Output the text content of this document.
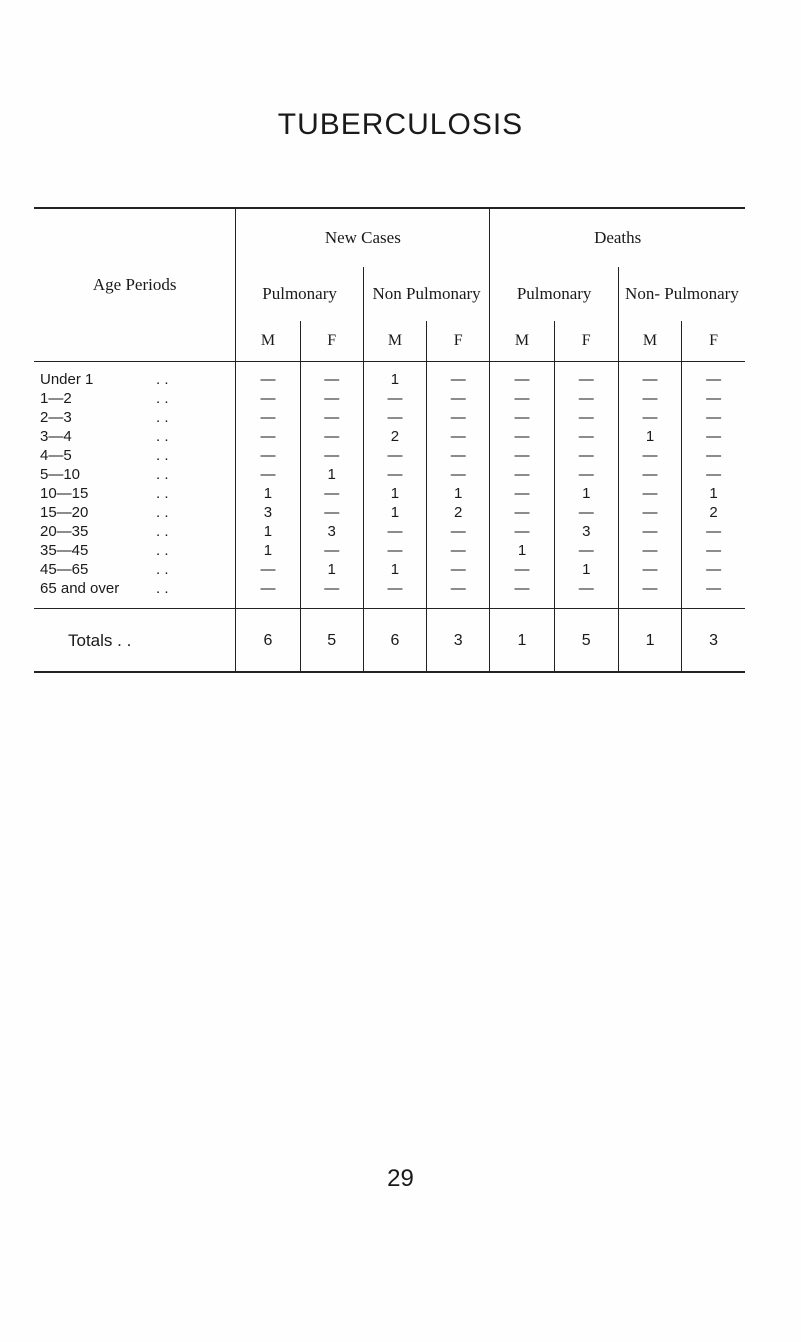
TUBERCULOSIS
Age Periods	New Cases				Deaths			
	Pulmonary		Non Pulmonary		Pulmonary		Non- Pulmonary	
	M	F	M	F	M	F	M	F

Under 1 . .	—	—	1	—	—	—	—	—

1—2 . .	—	—	—	—	—	—	—	—

2—3 . .	—	—	—	—	—	—	—	—

3—4 . .	—	—	2	—	—	—	1	—

4—5 . .	—	—	—	—	—	—	—	—

5—10 . .	—	1	—	—	—	—	—	—

10—15 . .	1	—	1	1	—	1	—	1

15—20 . .	3	—	1	2	—	—	—	2

20—35 . .	1	3	—	—	—	3	—	—

35—45 . .	1	—	—	—	1	—	—	—

45—65 . .	—	1	1	—	—	1	—	—

65 and over . .	—	—	—	—	—	—	—	—
Totals . .	6	5	6	3	1	5	1	3
29
